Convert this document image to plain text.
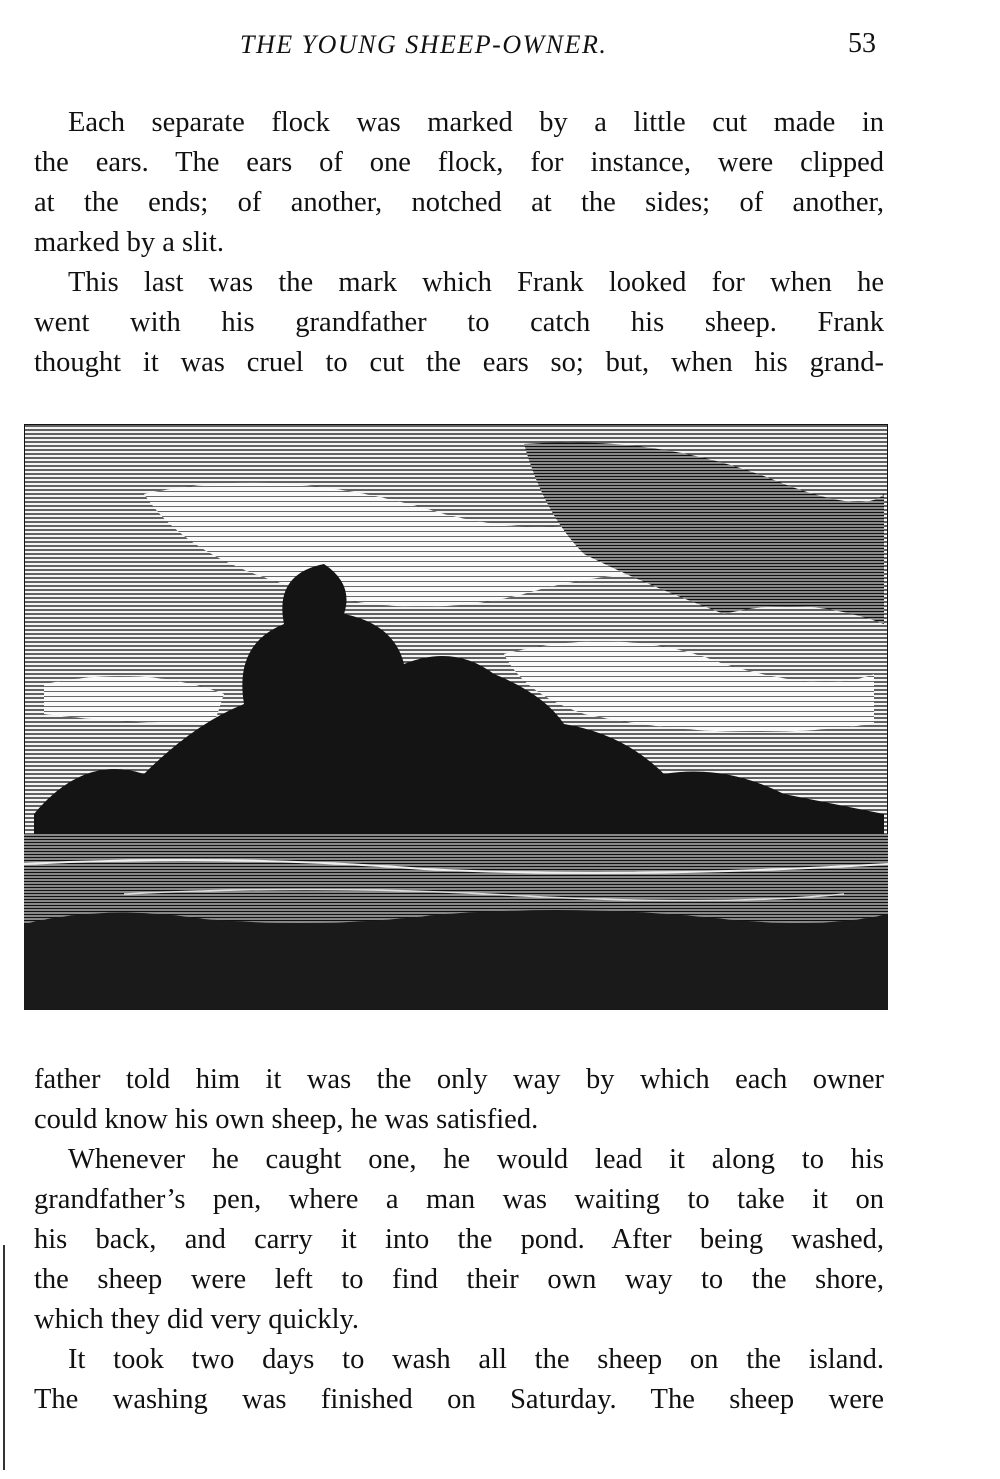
THE YOUNG SHEEP-OWNER.	53

Each separate flock was marked by a little cut made in

the ears. The ears of one flock, for instance, were clipped

at the ends; of another, notched at the sides; of another,

marked by a slit.

This last was the mark which Frank looked for when he

went with his grandfather to catch his sheep. Frank

thought it was cruel to cut the ears so; but, when his grand-

father told him it was the only way by which each owner

could know his own sheep, he was satisfied.

Whenever he caught one, he would lead it along to his

grandfather’s pen, where a man was waiting to take it on

his back, and carry it into the pond. After being washed,

the sheep were left to find their own way to the shore,

which they did very quickly.

It took two days to wash all the sheep on the island.

The washing was finished on Saturday. The sheep were
